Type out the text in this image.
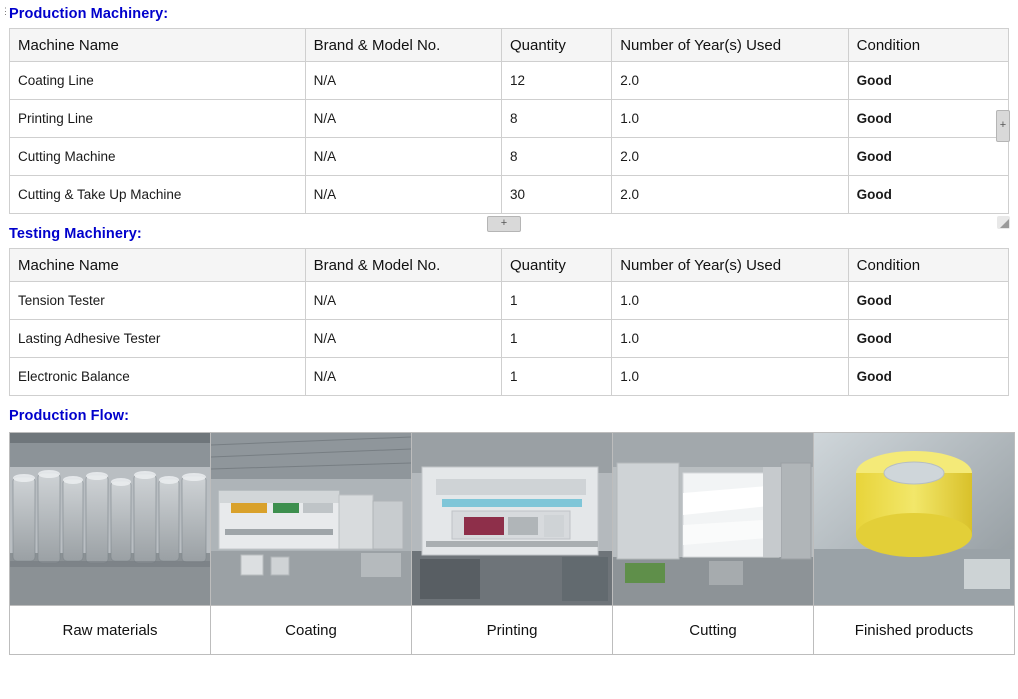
⋮ Production Machinery:
Machine Name	Brand & Model No.	Quantity	Number of Year(s) Used	Condition
Coating Line	N/A	12	2.0	Good
Printing Line	N/A	8	1.0	Good
Cutting Machine	N/A	8	2.0	Good
Cutting & Take Up Machine	N/A	30	2.0	Good
+
+
Testing Machinery:
Machine Name	Brand & Model No.	Quantity	Number of Year(s) Used	Condition
Tension Tester	N/A	1	1.0	Good
Lasting Adhesive Tester	N/A	1	1.0	Good
Electronic Balance	N/A	1	1.0	Good
Production Flow:

Raw materials	Coating	Printing	Cutting	Finished products
